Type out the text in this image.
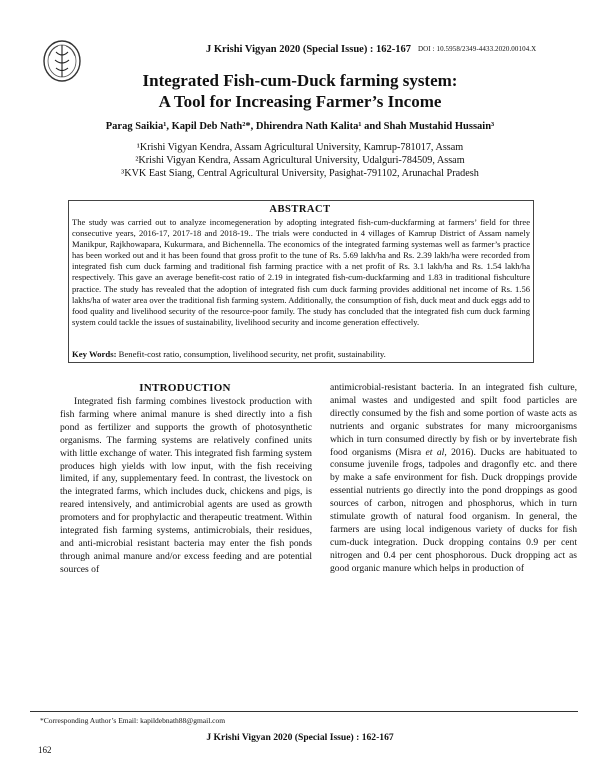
J Krishi Vigyan 2020 (Special Issue) : 162-167 DOI : 10.5958/2349-4433.2020.00104.X
Integrated Fish-cum-Duck farming system:
A Tool for Increasing Farmer’s Income
Parag Saikia¹, Kapil Deb Nath²*, Dhirendra Nath Kalita¹ and Shah Mustahid Hussain³
¹Krishi Vigyan Kendra, Assam Agricultural University, Kamrup-781017, Assam
²Krishi Vigyan Kendra, Assam Agricultural University, Udalguri-784509, Assam
³KVK East Siang, Central Agricultural University, Pasighat-791102, Arunachal Pradesh
ABSTRACT
The study was carried out to analyze incomegeneration by adopting integrated fish-cum-duckfarming at farmers’ field for three consecutive years, 2016-17, 2017-18 and 2018-19.. The trials were conducted in 4 villages of Kamrup District of Assam namely Manikpur, Rajkhowapara, Kukurmara, and Bichennella. The economics of the integrated farming systemas well as farmer’s practice has been worked out and it has been found that gross profit to the tune of Rs. 5.69 lakh/ha and Rs. 2.39 lakh/ha were recorded from integrated fish cum duck farming and traditional fish farming practice with a net profit of Rs. 3.1 lakh/ha and Rs. 1.54 lakh/ha respectively. This gave an average benefit-cost ratio of 2.19 in integrated fish-cum-duckfarming and 1.83 in traditional fishculture practice. The study has revealed that the adoption of integrated fish cum duck farming provides additional net income of Rs. 1.56 lakhs/ha of water area over the traditional fish farming system. Additionally, the consumption of fish, duck meat and duck eggs add to food quality and livelihood security of the resource-poor family. The study has concluded that the integrated fish cum duck farming system could tackle the issues of sustainability, livelihood security and income generation effectively.
Key Words: Benefit-cost ratio, consumption, livelihood security, net profit, sustainability.
INTRODUCTION
Integrated fish farming combines livestock production with fish farming where animal manure is shed directly into a fish pond as fertilizer and supports the growth of photosynthetic organisms. The farming systems are relatively confined units with little exchange of water. This integrated fish farming system produces high yields with low input, with the fish receiving limited, if any, supplementary feed. In contrast, the livestock on the integrated farms, which includes duck, chickens and pigs, is reared intensively, and antimicrobial agents are used as growth promoters and for prophylactic and therapeutic treatment. Within integrated fish farming systems, antimicrobials, their residues, and anti-microbial resistant bacteria may enter the fish ponds through animal manure and/or excess feeding and are potential sources of
antimicrobial-resistant bacteria. In an integrated fish culture, animal wastes and undigested and spilt food particles are directly consumed by the fish and some portion of waste acts as nutrients and organic substrates for many microorganisms which in turn consumed directly by fish or by invertebrate fish food organisms (Misra et al, 2016). Ducks are habituated to consume juvenile frogs, tadpoles and dragonfly etc. and there by make a safe environment for fish. Duck droppings provide essential nutrients go directly into the pond droppings as good sources of carbon, nitrogen and phosphorus, which in turn stimulate growth of natural food organism. In general, the farmers are using local indigenous variety of ducks for fish cum-duck integration. Duck dropping contains 0.9 per cent nitrogen and 0.4 per cent phosphorous. Duck dropping act as good organic manure which helps in production of
*Corresponding Author’s Email: kapildebnath88@gmail.com
J Krishi Vigyan 2020 (Special Issue) : 162-167
162
